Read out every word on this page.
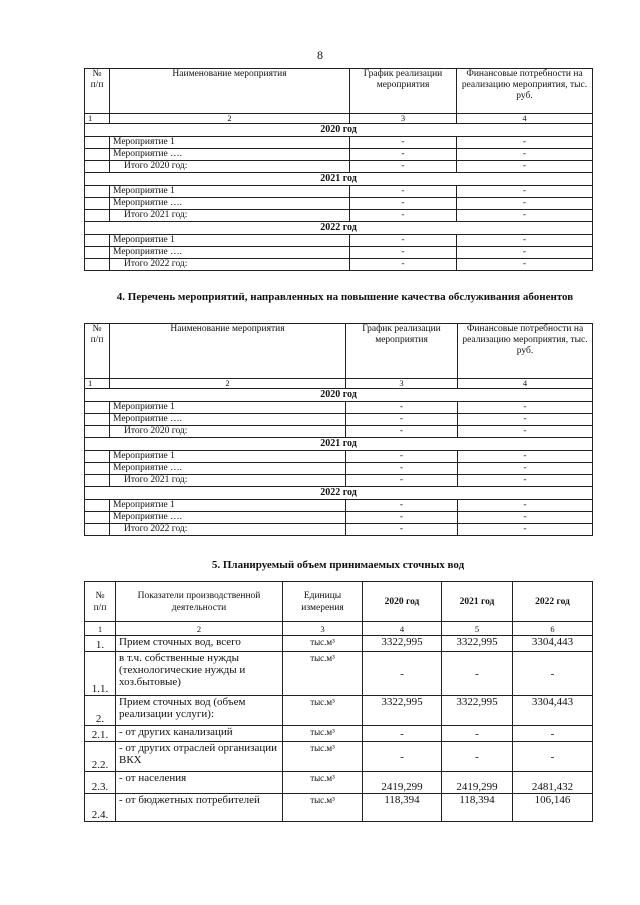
8
№
п/п	Наименование мероприятия	График реализации мероприятия	Финансовые потребности на реализацию мероприятия, тыс. руб.
1	2	3	4
2020 год			
	Мероприятие 1	-	-
	Мероприятие ….	-	-
	Итого 2020 год:	-	-
2021 год			
	Мероприятие 1	-	-
	Мероприятие ….	-	-
	Итого 2021 год:	-	-
2022 год			
	Мероприятие 1	-	-
	Мероприятие ….	-	-
	Итого 2022 год:	-	-
4. Перечень мероприятий, направленных на повышение качества обслуживания абонентов
№
п/п	Наименование мероприятия	График реализации мероприятия	Финансовые потребности на реализацию мероприятия, тыс. руб.
1	2	3	4
2020 год			
	Мероприятие 1	-	-
	Мероприятие ….	-	-
	Итого 2020 год:	-	-
2021 год			
	Мероприятие 1	-	-
	Мероприятие ….	-	-
	Итого 2021 год:	-	-
2022 год			
	Мероприятие 1	-	-
	Мероприятие ….	-	-
	Итого 2022 год:	-	-
5. Планируемый объем принимаемых сточных вод
№
п/п	Показатели производственной деятельности	Единицы измерения	2020 год	2021 год	2022 год
1	2	3	4	5	6
1.	Прием сточных вод, всего	тыс.м³	3322,995	3322,995	3304,443
1.1.	в т.ч. собственные нужды (технологические нужды и хоз.бытовые)	тыс.м³	-	-	-
2.	Прием сточных вод (объем реализации услуги):	тыс.м³	3322,995	3322,995	3304,443
2.1.	- от других канализаций	тыс.м³	-	-	-
2.2.	- от других отраслей организации ВКХ	тыс.м³	-	-	-
2.3.	- от населения	тыс.м³	2419,299	2419,299	2481,432
2.4.	- от бюджетных потребителей	тыс.м³	118,394	118,394	106,146
